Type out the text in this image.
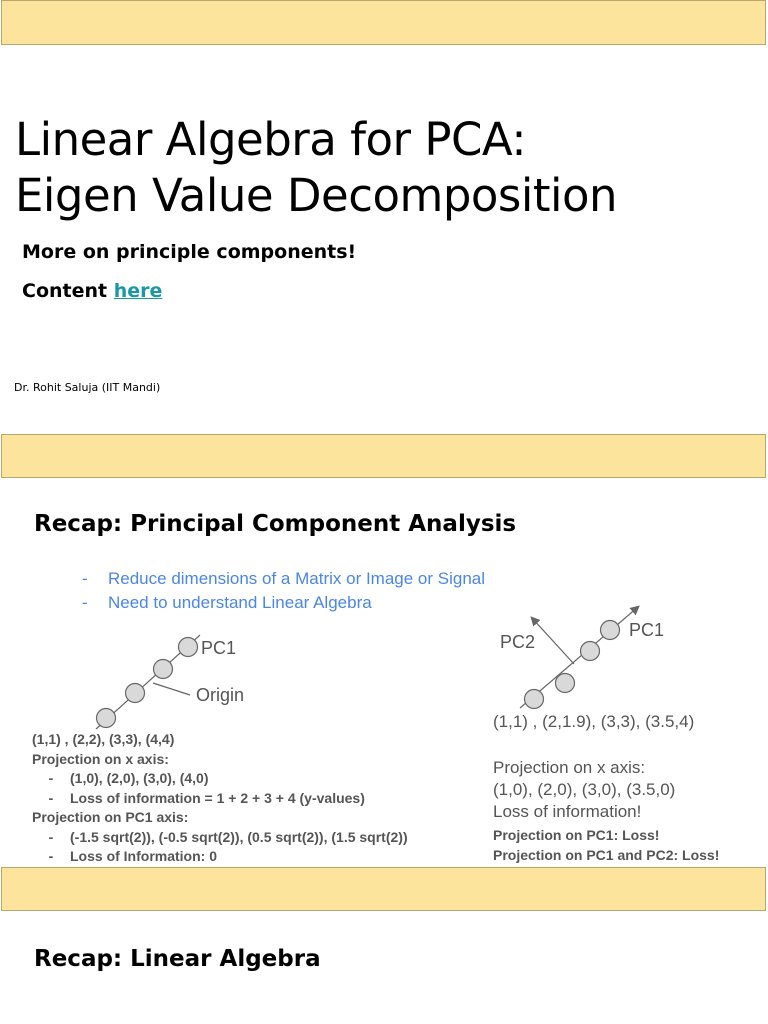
Linear Algebra for PCA:
Eigen Value Decomposition
More on principle components!
Content here
Dr. Rohit Saluja (IIT Mandi)
Recap: Principal Component Analysis
-	Reduce dimensions of a Matrix or Image or Signal
-	Need to understand Linear Algebra
PC1
Origin
PC2
PC1
(1,1) , (2,2), (3,3), (4,4)
Projection on x axis:
-	(1,0), (2,0), (3,0), (4,0)
-	Loss of information = 1 + 2 + 3 + 4 (y-values)
Projection on PC1 axis:
-	(-1.5 sqrt(2)), (-0.5 sqrt(2)), (0.5 sqrt(2)), (1.5 sqrt(2))
-	Loss of Information: 0
(1,1) , (2,1.9), (3,3), (3.5,4)
Projection on x axis:
(1,0), (2,0), (3,0), (3.5,0)
Loss of information!
Projection on PC1: Loss!
Projection on PC1 and PC2: Loss!
Recap: Linear Algebra
